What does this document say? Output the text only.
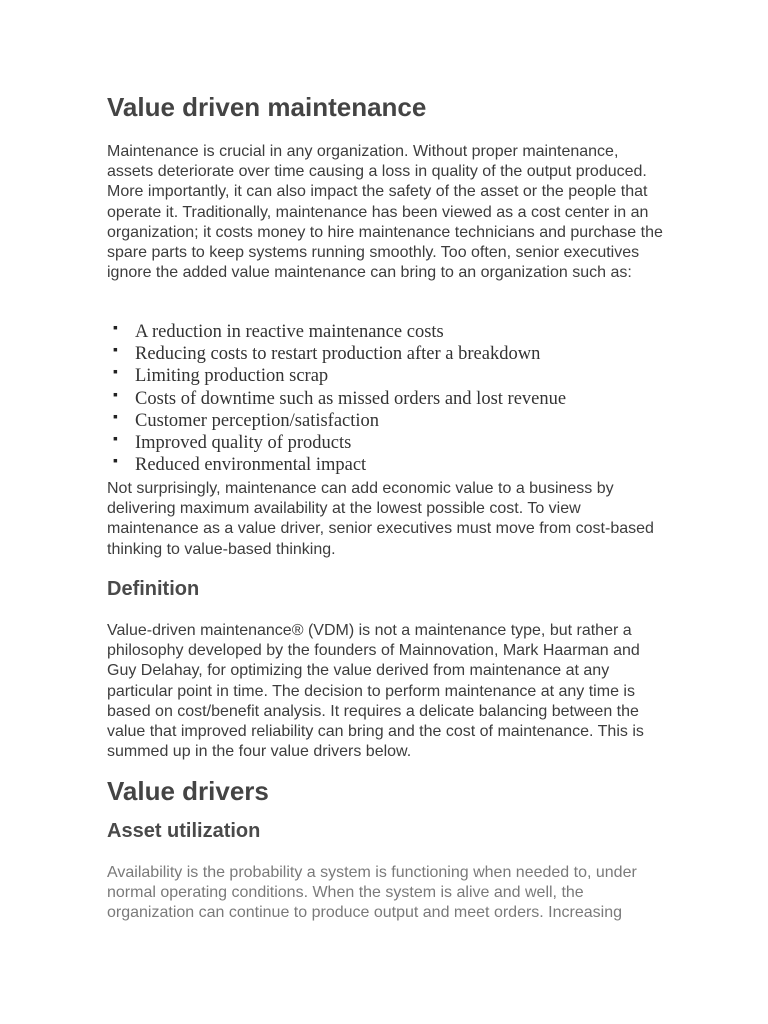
Value driven maintenance

Maintenance is crucial in any organization. Without proper maintenance, assets deteriorate over time causing a loss in quality of the output produced. More importantly, it can also impact the safety of the asset or the people that operate it. Traditionally, maintenance has been viewed as a cost center in an organization; it costs money to hire maintenance technicians and purchase the spare parts to keep systems running smoothly. Too often, senior executives ignore the added value maintenance can bring to an organization such as:

▪ A reduction in reactive maintenance costs
▪ Reducing costs to restart production after a breakdown
▪ Limiting production scrap
▪ Costs of downtime such as missed orders and lost revenue
▪ Customer perception/satisfaction
▪ Improved quality of products
▪ Reduced environmental impact

Not surprisingly, maintenance can add economic value to a business by delivering maximum availability at the lowest possible cost. To view maintenance as a value driver, senior executives must move from cost-based thinking to value-based thinking.

Definition

Value-driven maintenance® (VDM) is not a maintenance type, but rather a philosophy developed by the founders of Mainnovation, Mark Haarman and Guy Delahay, for optimizing the value derived from maintenance at any particular point in time. The decision to perform maintenance at any time is based on cost/benefit analysis. It requires a delicate balancing between the value that improved reliability can bring and the cost of maintenance. This is summed up in the four value drivers below.

Value drivers
Asset utilization

Availability is the probability a system is functioning when needed to, under normal operating conditions. When the system is alive and well, the organization can continue to produce output and meet orders. Increasing
